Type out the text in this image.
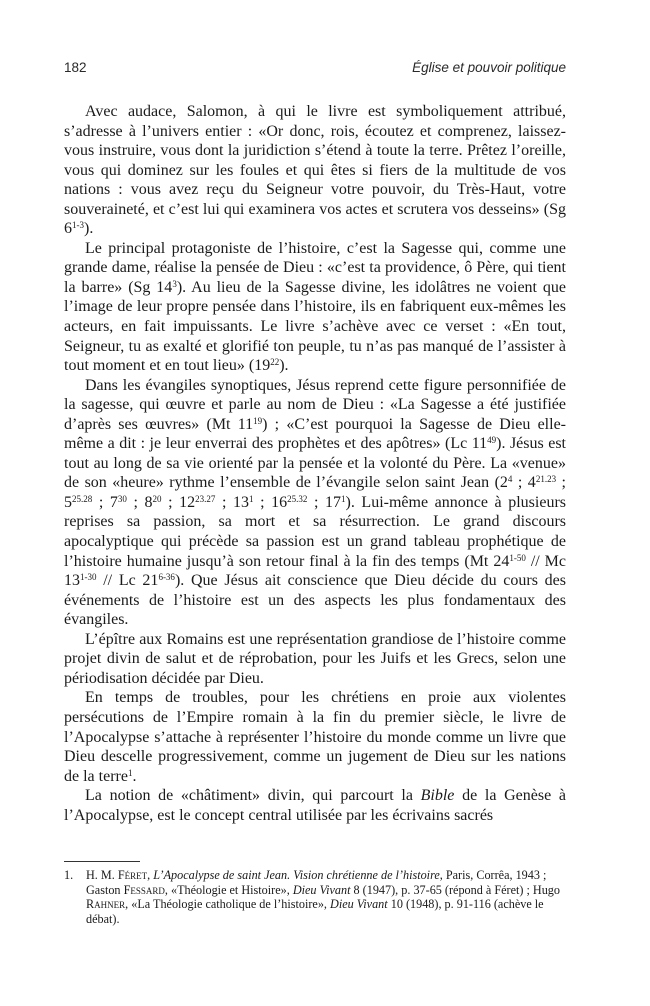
182	Église et pouvoir politique

Avec audace, Salomon, à qui le livre est symboliquement attribué, s’adresse à l’univers entier : «Or donc, rois, écoutez et comprenez, laissez-vous instruire, vous dont la juridiction s’étend à toute la terre. Prêtez l’oreille, vous qui dominez sur les foules et qui êtes si fiers de la multitude de vos nations : vous avez reçu du Seigneur votre pouvoir, du Très-Haut, votre souveraineté, et c’est lui qui examinera vos actes et scrutera vos desseins» (Sg 6$^{1-3}$).

Le principal protagoniste de l’histoire, c’est la Sagesse qui, comme une grande dame, réalise la pensée de Dieu : «c’est ta providence, ô Père, qui tient la barre» (Sg $14^3$). Au lieu de la Sagesse divine, les idolâtres ne voient que l’image de leur propre pensée dans l’histoire, ils en fabriquent eux-mêmes les acteurs, en fait impuissants. Le livre s’achève avec ce verset : «En tout, Seigneur, tu as exalté et glorifié ton peuple, tu n’as pas manqué de l’assister à tout moment et en tout lieu» $(19^{22})$.

Dans les évangiles synoptiques, Jésus reprend cette figure personnifiée de la sagesse, qui œuvre et parle au nom de Dieu : «La Sagesse a été justifiée d’après ses œuvres» (Mt $11^{19}$) ; «C’est pourquoi la Sagesse de Dieu elle-même a dit : je leur enverrai des prophètes et des apôtres» (Lc $11^{49}$). Jésus est tout au long de sa vie orienté par la pensée et la volonté du Père. La «venue» de son «heure» rythme l’ensemble de l’évangile selon saint Jean ($2^4$ ; $4^{21.23}$ ; $5^{25.28}$ ; $7^{30}$ ; $8^{20}$ ; $12^{23.27}$ ; $13^1$ ; $16^{25.32}$ ; $17^1$). Lui-même annonce à plusieurs reprises sa passion, sa mort et sa résurrection. Le grand discours apocalyptique qui précède sa passion est un grand tableau prophétique de l’histoire humaine jusqu’à son retour final à la fin des temps (Mt 24$^{1-50}$ // Mc 13$^{1-30}$ // Lc 21$^{6-36}$). Que Jésus ait conscience que Dieu décide du cours des événements de l’histoire est un des aspects les plus fondamentaux des évangiles.

L’épître aux Romains est une représentation grandiose de l’histoire comme projet divin de salut et de réprobation, pour les Juifs et les Grecs, selon une périodisation décidée par Dieu.

En temps de troubles, pour les chrétiens en proie aux violentes persécutions de l’Empire romain à la fin du premier siècle, le livre de l’Apocalypse s’attache à représenter l’histoire du monde comme un livre que Dieu descelle progressivement, comme un jugement de Dieu sur les nations de la terre$^1$.

La notion de «châtiment» divin, qui parcourt la Bible de la Genèse à l’Apocalypse, est le concept central utilisée par les écrivains sacrés

1.	H. M. Féret, L’Apocalypse de saint Jean. Vision chrétienne de l’histoire, Paris, Corrêa, 1943 ; Gaston Fessard, «Théologie et Histoire», Dieu Vivant 8 (1947), p. 37-65 (répond à Féret) ; Hugo Rahner, «La Théologie catholique de l’histoire», Dieu Vivant 10 (1948), p. 91-116 (achève le débat).
